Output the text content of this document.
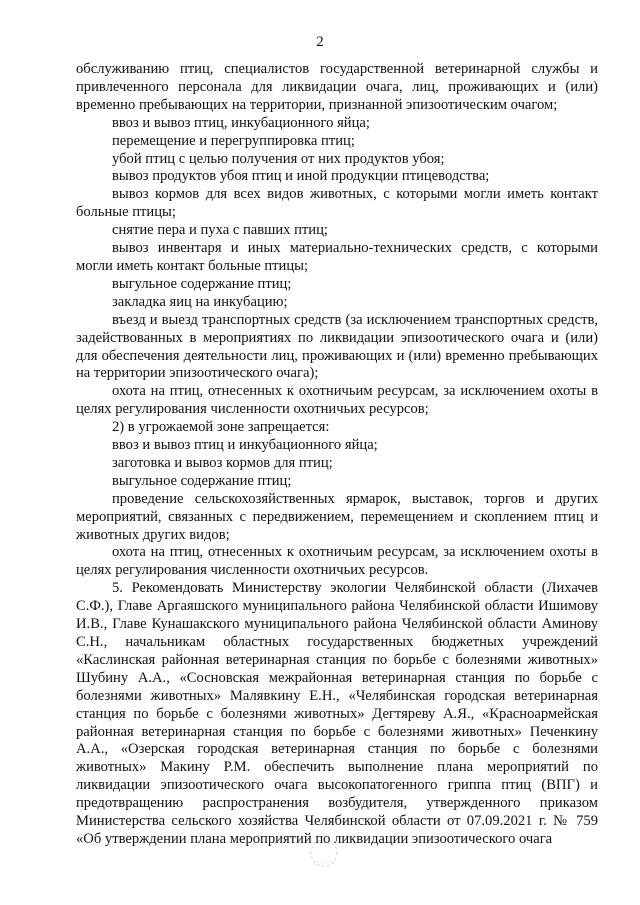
2

обслуживанию птиц, специалистов государственной ветеринарной службы и привлеченного персонала для ликвидации очага, лиц, проживающих и (или) временно пребывающих на территории, признанной эпизоотическим очагом;

ввоз и вывоз птиц, инкубационного яйца;

перемещение и перегруппировка птиц;

убой птиц с целью получения от них продуктов убоя;

вывоз продуктов убоя птиц и иной продукции птицеводства;

вывоз кормов для всех видов животных, с которыми могли иметь контакт больные птицы;

снятие пера и пуха с павших птиц;

вывоз инвентаря и иных материально-технических средств, с которыми могли иметь контакт больные птицы;

выгульное содержание птиц;

закладка яиц на инкубацию;

въезд и выезд транспортных средств (за исключением транспортных средств, задействованных в мероприятиях по ликвидации эпизоотического очага и (или) для обеспечения деятельности лиц, проживающих и (или) временно пребывающих на территории эпизоотического очага);

охота на птиц, отнесенных к охотничьим ресурсам, за исключением охоты в целях регулирования численности охотничьих ресурсов;

2) в угрожаемой зоне запрещается:

ввоз и вывоз птиц и инкубационного яйца;

заготовка и вывоз кормов для птиц;

выгульное содержание птиц;

проведение сельскохозяйственных ярмарок, выставок, торгов и других мероприятий, связанных с передвижением, перемещением и скоплением птиц и животных других видов;

охота на птиц, отнесенных к охотничьим ресурсам, за исключением охоты в целях регулирования численности охотничьих ресурсов.

5. Рекомендовать Министерству экологии Челябинской области (Лихачев С.Ф.), Главе Аргаяшского муниципального района Челябинской области Ишимову И.В., Главе Кунашакского муниципального района Челябинской области Аминову С.Н., начальникам областных государственных бюджетных учреждений «Каслинская районная ветеринарная станция по борьбе с болезнями животных» Шубину А.А., «Сосновская межрайонная ветеринарная станция по борьбе с болезнями животных» Малявкину Е.Н., «Челябинская городская ветеринарная станция по борьбе с болезнями животных» Дегтяреву А.Я., «Красноармейская районная ветеринарная станция по борьбе с болезнями животных» Печенкину А.А., «Озерская городская ветеринарная станция по борьбе с болезнями животных» Макину Р.М. обеспечить выполнение плана мероприятий по ликвидации эпизоотического очага высокопатогенного гриппа птиц (ВПГ) и предотвращению распространения возбудителя, утвержденного приказом Министерства сельского хозяйства Челябинской области от 07.09.2021 г. № 759 «Об утверждении плана мероприятий по ликвидации эпизоотического очага
